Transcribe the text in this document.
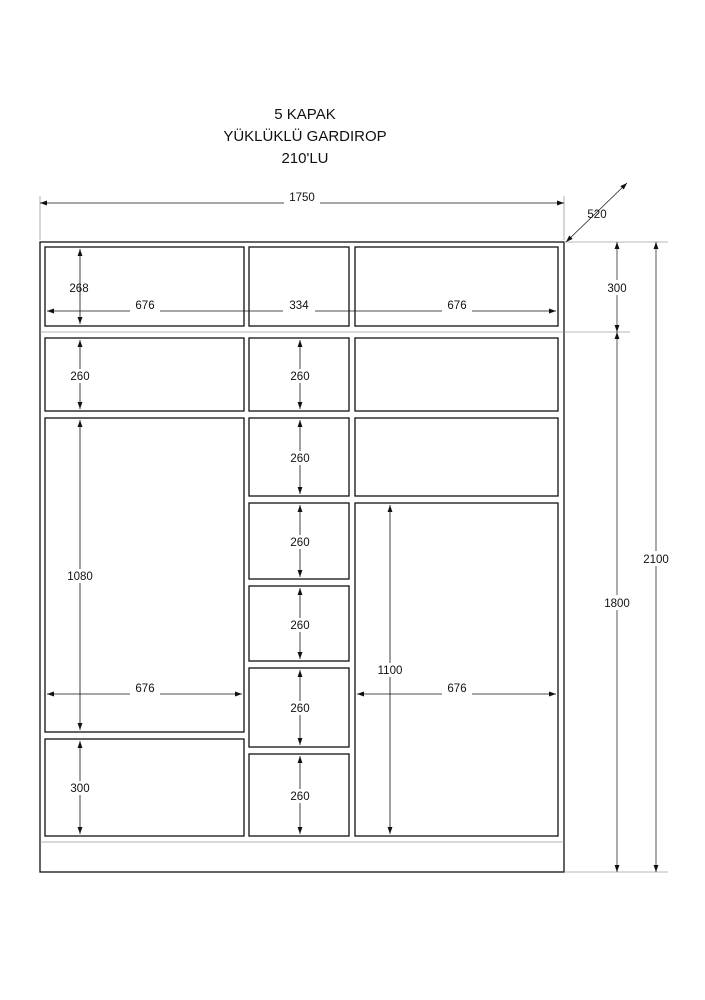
5 KAPAK
YÜKLÜKLÜ GARDIROP
210'LU
1750
520
300
1800
2100
268
676	334	676
260
1080
676
300
260
260
260
260
260
260
1100
676
